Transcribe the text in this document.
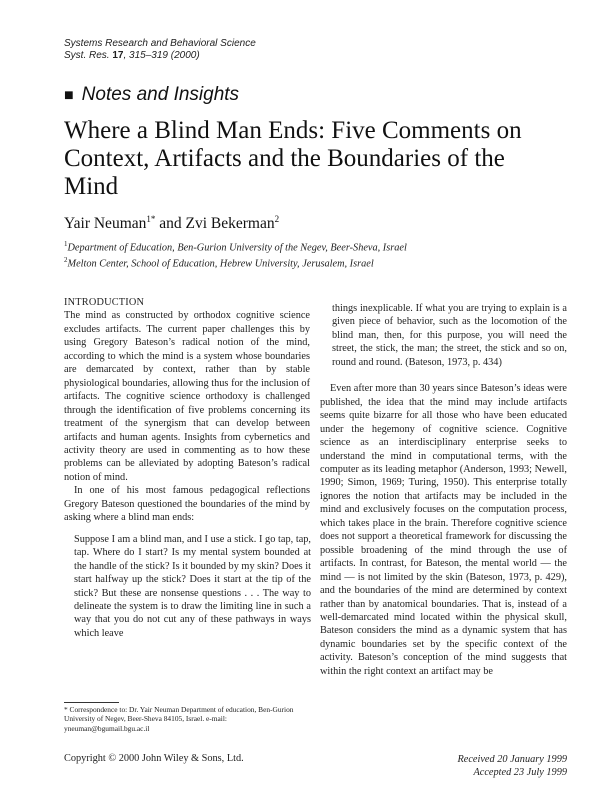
Systems Research and Behavioral Science
Syst. Res. 17, 315–319 (2000)
■ Notes and Insights
Where a Blind Man Ends: Five Comments on Context, Artifacts and the Boundaries of the Mind
Yair Neuman$^{1*}$ and Zvi Bekerman$^2$
$^1$Department of Education, Ben-Gurion University of the Negev, Beer-Sheva, Israel
$^2$Melton Center, School of Education, Hebrew University, Jerusalem, Israel

INTRODUCTION

The mind as constructed by orthodox cognitive science excludes artifacts. The current paper challenges this by using Gregory Bateson’s radical notion of the mind, according to which the mind is a system whose boundaries are demarcated by context, rather than by stable physiological boundaries, allowing thus for the inclusion of artifacts. The cognitive science orthodoxy is challenged through the identification of five problems concerning its treatment of the synergism that can develop between artifacts and human agents. Insights from cybernetics and activity theory are used in commenting as to how these problems can be alleviated by adopting Bateson’s radical notion of mind.

In one of his most famous pedagogical reflections Gregory Bateson questioned the boundaries of the mind by asking where a blind man ends:

Suppose I am a blind man, and I use a stick. I go tap, tap, tap. Where do I start? Is my mental system bounded at the handle of the stick? Is it bounded by my skin? Does it start halfway up the stick? Does it start at the tip of the stick? But these are nonsense questions . . . The way to delineate the system is to draw the limiting line in such a way that you do not cut any of these pathways in ways which leave

things inexplicable. If what you are trying to explain is a given piece of behavior, such as the locomotion of the blind man, then, for this purpose, you will need the street, the stick, the man; the street, the stick and so on, round and round. (Bateson, 1973, p. 434)

Even after more than 30 years since Bateson’s ideas were published, the idea that the mind may include artifacts seems quite bizarre for all those who have been educated under the hegemony of cognitive science. Cognitive science as an interdisciplinary enterprise seeks to understand the mind in computational terms, with the computer as its leading metaphor (Anderson, 1993; Newell, 1990; Simon, 1969; Turing, 1950). This enterprise totally ignores the notion that artifacts may be included in the mind and exclusively focuses on the computation process, which takes place in the brain. Therefore cognitive science does not support a theoretical framework for discussing the possible broadening of the mind through the use of artifacts. In contrast, for Bateson, the mental world — the mind — is not limited by the skin (Bateson, 1973, p. 429), and the boundaries of the mind are determined by context rather than by anatomical boundaries. That is, instead of a well-demarcated mind located within the physical skull, Bateson considers the mind as a dynamic system that has dynamic boundaries set by the specific context of the activity. Bateson’s conception of the mind suggests that within the right context an artifact may be

* Correspondence to: Dr. Yair Neuman Department of education, Ben-Gurion University of Negev, Beer-Sheva 84105, Israel. e-mail: yneuman@bgumail.bgu.ac.il
Copyright © 2000 John Wiley & Sons, Ltd.	Received 20 January 1999
Accepted 23 July 1999
